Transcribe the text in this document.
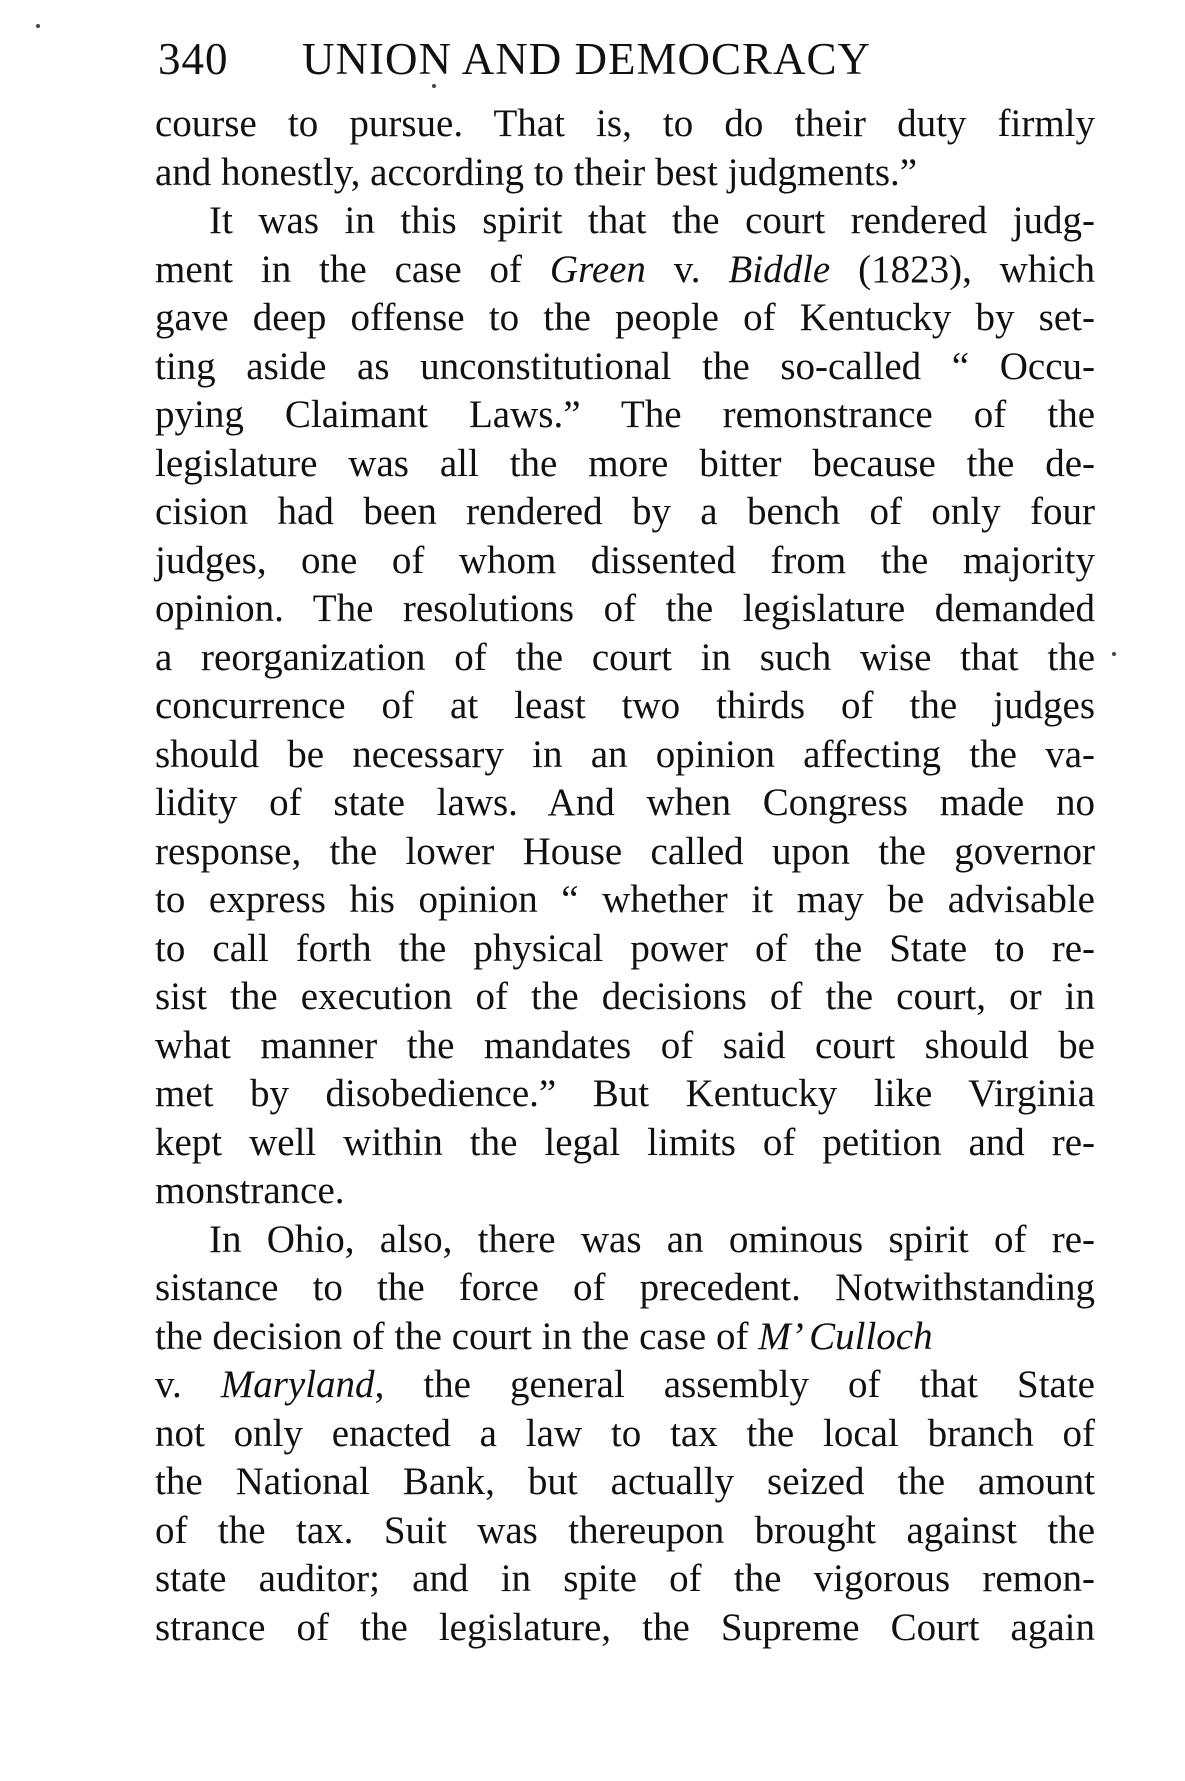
340 UNION AND DEMOCRACY
course to pursue. That is, to do their duty firmly
and honestly, according to their best judgments.”
It was in this spirit that the court rendered judg-
ment in the case of Green v. Biddle (1823), which
gave deep offense to the people of Kentucky by set-
ting aside as unconstitutional the so-called “ Occu-
pying Claimant Laws.” The remonstrance of the
legislature was all the more bitter because the de-
cision had been rendered by a bench of only four
judges, one of whom dissented from the majority
opinion. The resolutions of the legislature demanded
a reorganization of the court in such wise that the
concurrence of at least two thirds of the judges
should be necessary in an opinion affecting the va-
lidity of state laws. And when Congress made no
response, the lower House called upon the governor
to express his opinion “ whether it may be advisable
to call forth the physical power of the State to re-
sist the execution of the decisions of the court, or in
what manner the mandates of said court should be
met by disobedience.” But Kentucky like Virginia
kept well within the legal limits of petition and re-
monstrance.
In Ohio, also, there was an ominous spirit of re-
sistance to the force of precedent. Notwithstanding
the decision of the court in the case of M’ Culloch
v. Maryland, the general assembly of that State
not only enacted a law to tax the local branch of
the National Bank, but actually seized the amount
of the tax. Suit was thereupon brought against the
state auditor; and in spite of the vigorous remon-
strance of the legislature, the Supreme Court again
